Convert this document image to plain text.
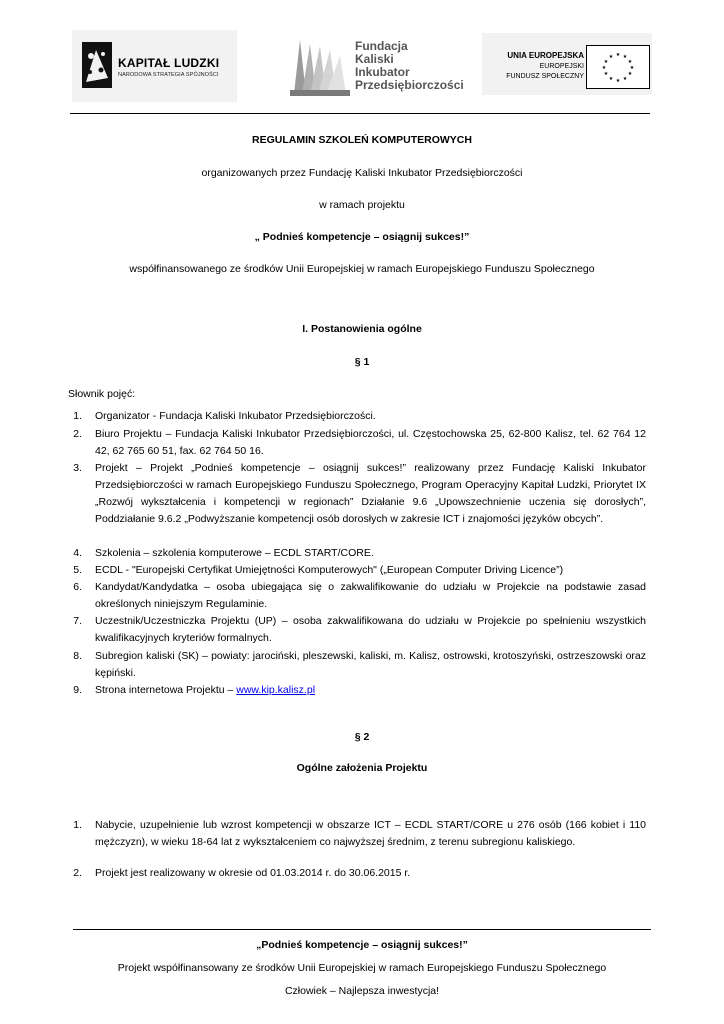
KAPITAŁ LUDZKI
NARODOWA STRATEGIA SPÓJNOŚCI
Fundacja
Kaliski
Inkubator
Przedsiębiorczości
UNIA EUROPEJSKA
EUROPEJSKI
FUNDUSZ SPOŁECZNY
★ ★
★
★
★
★
★
★
★
★
★
★
REGULAMIN SZKOLEŃ KOMPUTEROWYCH
organizowanych przez Fundację Kaliski Inkubator Przedsiębiorczości
w ramach projektu
„ Podnieś kompetencje – osiągnij sukces!”
współfinansowanego ze środków Unii Europejskiej w ramach Europejskiego Funduszu Społecznego
I. Postanowienia ogólne
§ 1
Słownik pojęć:
1. Organizator - Fundacja Kaliski Inkubator Przedsiębiorczości.
2. Biuro Projektu – Fundacja Kaliski Inkubator Przedsiębiorczości, ul. Częstochowska 25, 62-800 Kalisz, tel. 62 764 12 42, 62 765 60 51, fax. 62 764 50 16.
3. Projekt – Projekt „Podnieś kompetencje – osiągnij sukces!” realizowany przez Fundację Kaliski Inkubator Przedsiębiorczości w ramach Europejskiego Funduszu Społecznego, Program Operacyjny Kapitał Ludzki, Priorytet IX „Rozwój wykształcenia i kompetencji w regionach” Działanie 9.6 „Upowszechnienie uczenia się dorosłych”, Poddziałanie 9.6.2 „Podwyższanie kompetencji osób dorosłych w zakresie ICT i znajomości języków obcych”.
4. Szkolenia – szkolenia komputerowe – ECDL START/CORE.
5. ECDL - "Europejski Certyfikat Umiejętności Komputerowych" („European Computer Driving Licence”)
6. Kandydat/Kandydatka – osoba ubiegająca się o zakwalifikowanie do udziału w Projekcie na podstawie zasad określonych niniejszym Regulaminie.
7. Uczestnik/Uczestniczka Projektu (UP) – osoba zakwalifikowana do udziału w Projekcie po spełnieniu wszystkich kwalifikacyjnych kryteriów formalnych.
8. Subregion kaliski (SK) – powiaty: jarociński, pleszewski, kaliski, m. Kalisz, ostrowski, krotoszyński, ostrzeszowski oraz kępiński.
9. Strona internetowa Projektu – www.kip.kalisz.pl
§ 2
Ogólne założenia Projektu
1. Nabycie, uzupełnienie lub wzrost kompetencji w obszarze ICT – ECDL START/CORE u 276 osób (166 kobiet i 110 mężczyzn), w wieku 18-64 lat z wykształceniem co najwyższej średnim, z terenu subregionu kaliskiego.
2. Projekt jest realizowany w okresie od 01.03.2014 r. do 30.06.2015 r.
„Podnieś kompetencje – osiągnij sukces!”
Projekt współfinansowany ze środków Unii Europejskiej w ramach Europejskiego Funduszu Społecznego
Człowiek – Najlepsza inwestycja!
